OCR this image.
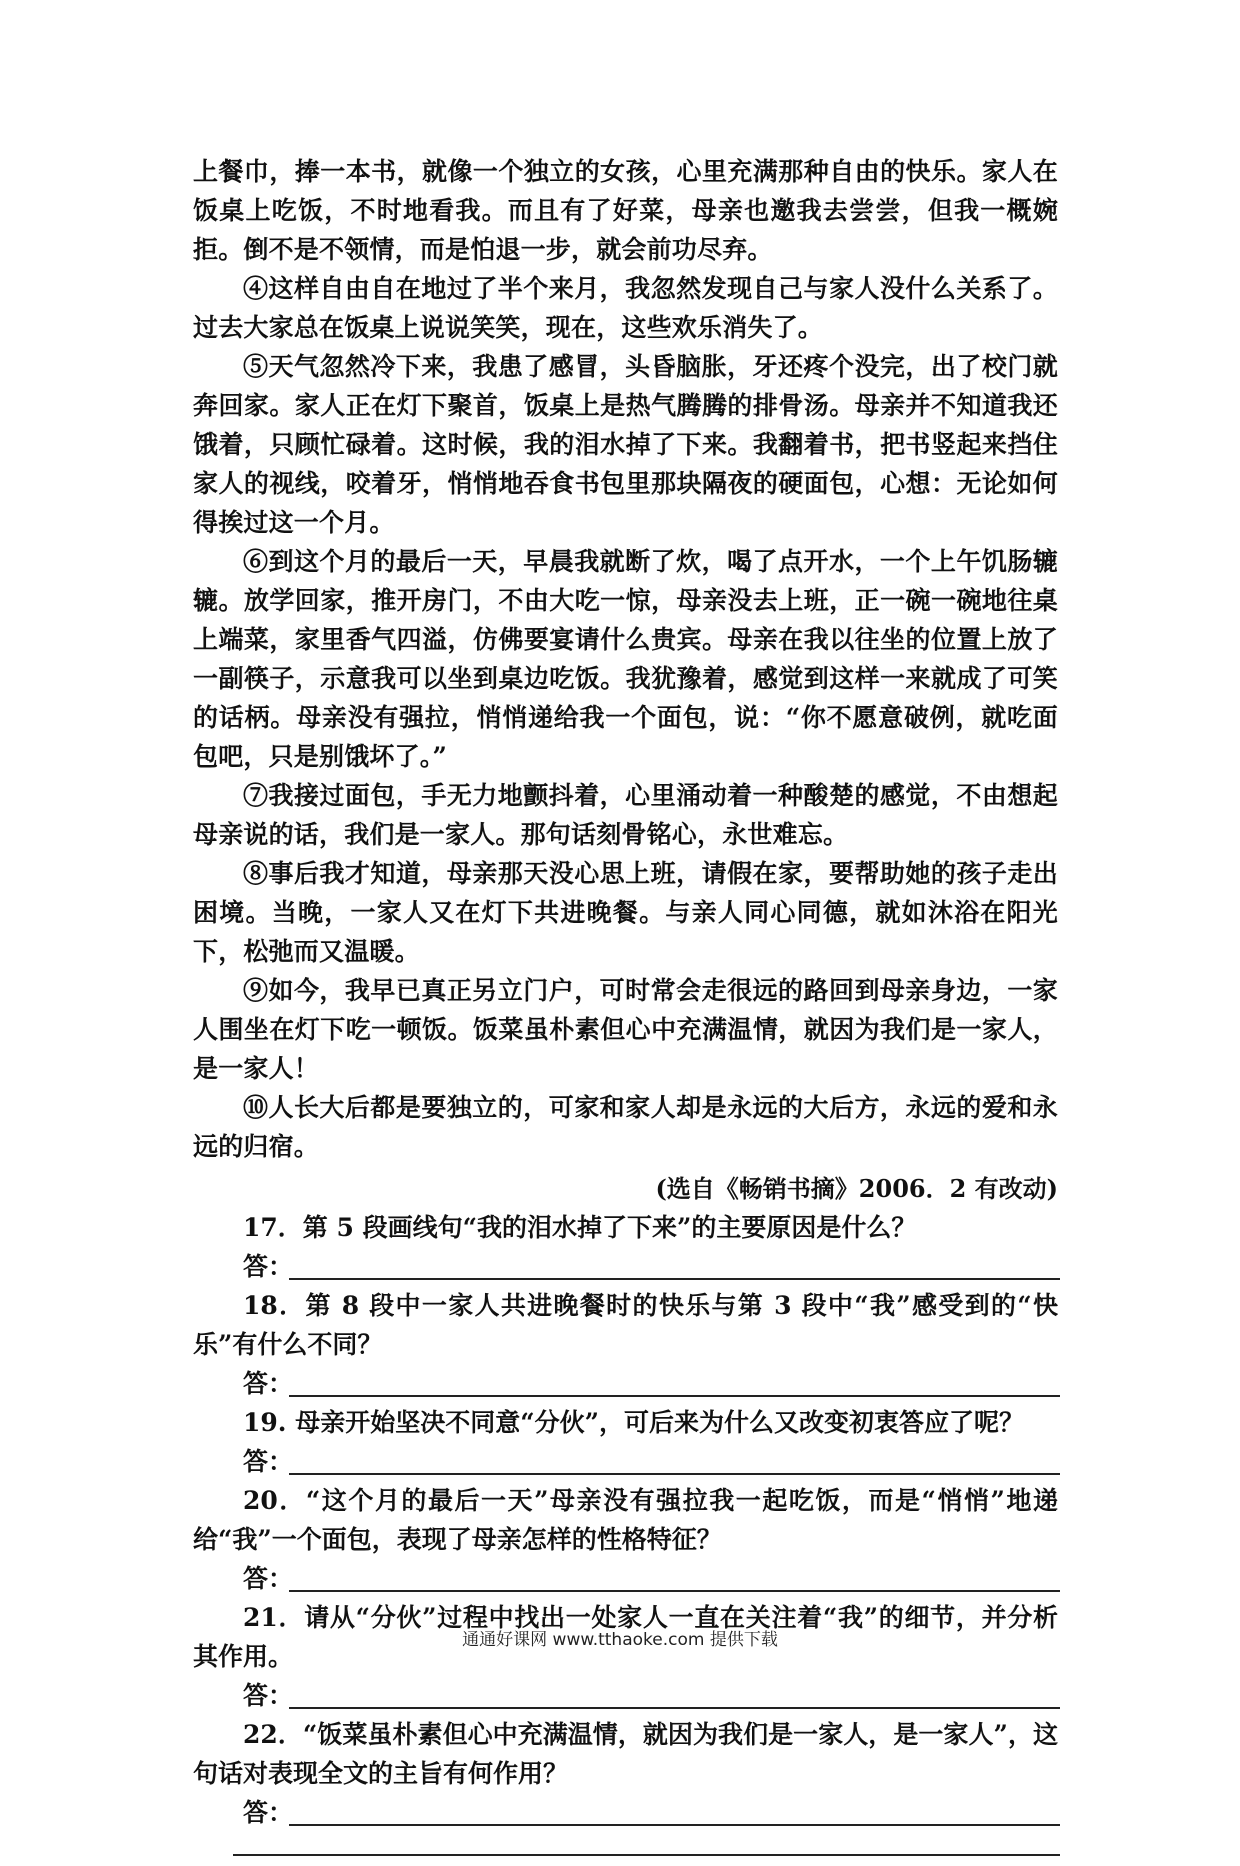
上餐巾，捧一本书，就像一个独立的女孩，心里充满那种自由的快乐。家人在饭桌上吃饭，不时地看我。而且有了好菜，母亲也邀我去尝尝，但我一概婉拒。倒不是不领情，而是怕退一步，就会前功尽弃。

④这样自由自在地过了半个来月，我忽然发现自己与家人没什么关系了。过去大家总在饭桌上说说笑笑，现在，这些欢乐消失了。

⑤天气忽然冷下来，我患了感冒，头昏脑胀，牙还疼个没完，出了校门就奔回家。家人正在灯下聚首，饭桌上是热气腾腾的排骨汤。母亲并不知道我还饿着，只顾忙碌着。这时候，我的泪水掉了下来。我翻着书，把书竖起来挡住家人的视线，咬着牙，悄悄地吞食书包里那块隔夜的硬面包，心想：无论如何得挨过这一个月。

⑥到这个月的最后一天，早晨我就断了炊，喝了点开水，一个上午饥肠辘辘。放学回家，推开房门，不由大吃一惊，母亲没去上班，正一碗一碗地往桌上端菜，家里香气四溢，仿佛要宴请什么贵宾。母亲在我以往坐的位置上放了一副筷子，示意我可以坐到桌边吃饭。我犹豫着，感觉到这样一来就成了可笑的话柄。母亲没有强拉，悄悄递给我一个面包，说：“你不愿意破例，就吃面包吧，只是别饿坏了。”

⑦我接过面包，手无力地颤抖着，心里涌动着一种酸楚的感觉，不由想起母亲说的话，我们是一家人。那句话刻骨铭心，永世难忘。

⑧事后我才知道，母亲那天没心思上班，请假在家，要帮助她的孩子走出困境。当晚，一家人又在灯下共进晚餐。与亲人同心同德，就如沐浴在阳光下，松弛而又温暖。

⑨如今，我早已真正另立门户，可时常会走很远的路回到母亲身边，一家人围坐在灯下吃一顿饭。饭菜虽朴素但心中充满温情，就因为我们是一家人，是一家人！

⑩人长大后都是要独立的，可家和家人却是永远的大后方，永远的爱和永远的归宿。

(选自《畅销书摘》2006．2 有改动)

17．第 5 段画线句“我的泪水掉了下来”的主要原因是什么？

答：

18．第 8 段中一家人共进晚餐时的快乐与第 3 段中“我”感受到的“快乐”有什么不同？

答：

19. 母亲开始坚决不同意“分伙”，可后来为什么又改变初衷答应了呢？

答：

20．“这个月的最后一天”母亲没有强拉我一起吃饭，而是“悄悄”地递给“我”一个面包，表现了母亲怎样的性格特征？

答：

21．请从“分伙”过程中找出一处家人一直在关注着“我”的细节，并分析其作用。

答：

22．“饭菜虽朴素但心中充满温情，就因为我们是一家人，是一家人”，这句话对表现全文的主旨有何作用？

答：
通通好课网 www.tthaoke.com 提供下载
